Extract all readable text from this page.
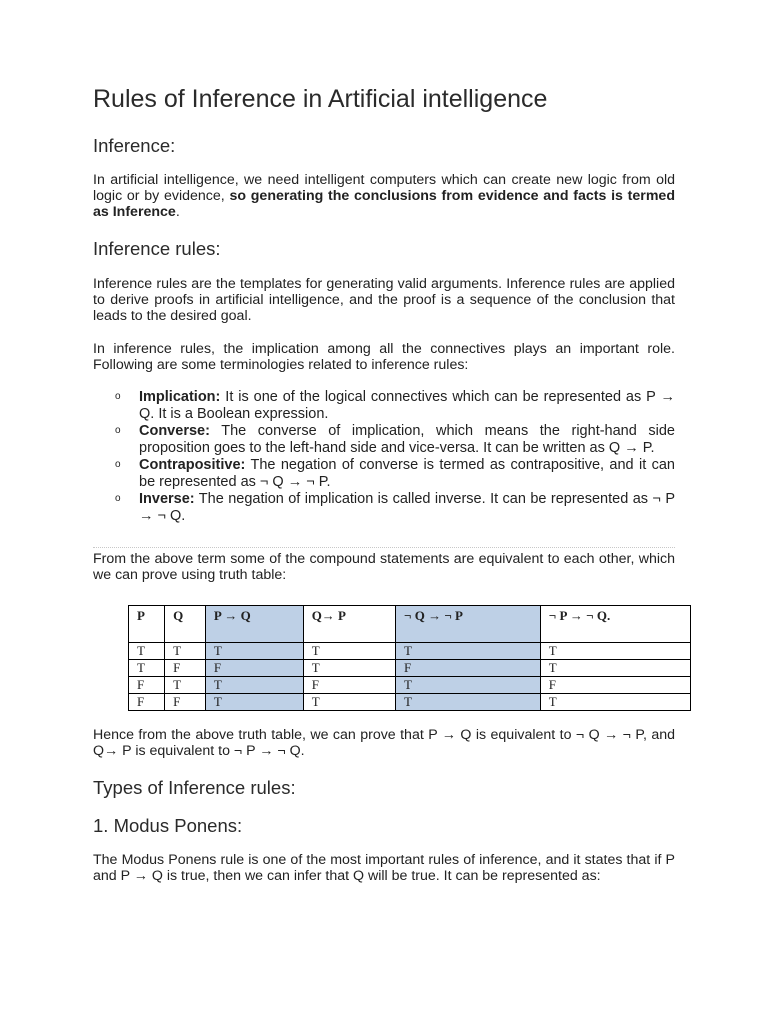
Rules of Inference in Artificial intelligence
Inference:

In artificial intelligence, we need intelligent computers which can create new logic from old logic or by evidence, so generating the conclusions from evidence and facts is termed as Inference.

Inference rules:

Inference rules are the templates for generating valid arguments. Inference rules are applied to derive proofs in artificial intelligence, and the proof is a sequence of the conclusion that leads to the desired goal.

In inference rules, the implication among all the connectives plays an important role. Following are some terminologies related to inference rules:

o Implication: It is one of the logical connectives which can be represented as P → Q. It is a Boolean expression.
o Converse: The converse of implication, which means the right-hand side proposition goes to the left-hand side and vice-versa. It can be written as Q → P.
o Contrapositive: The negation of converse is termed as contrapositive, and it can be represented as ¬ Q → ¬ P.
o Inverse: The negation of implication is called inverse. It can be represented as ¬ P → ¬ Q.

From the above term some of the compound statements are equivalent to each other, which we can prove using truth table:

P	Q	P → Q	Q→ P	¬ Q → ¬ P	¬ P → ¬ Q.
T	T	T	T	T	T
T	F	F	T	F	T
F	T	T	F	T	F
F	F	T	T	T	T

Hence from the above truth table, we can prove that P → Q is equivalent to ¬ Q → ¬ P, and Q→ P is equivalent to ¬ P → ¬ Q.

Types of Inference rules:
1. Modus Ponens:

The Modus Ponens rule is one of the most important rules of inference, and it states that if P and P → Q is true, then we can infer that Q will be true. It can be represented as:
